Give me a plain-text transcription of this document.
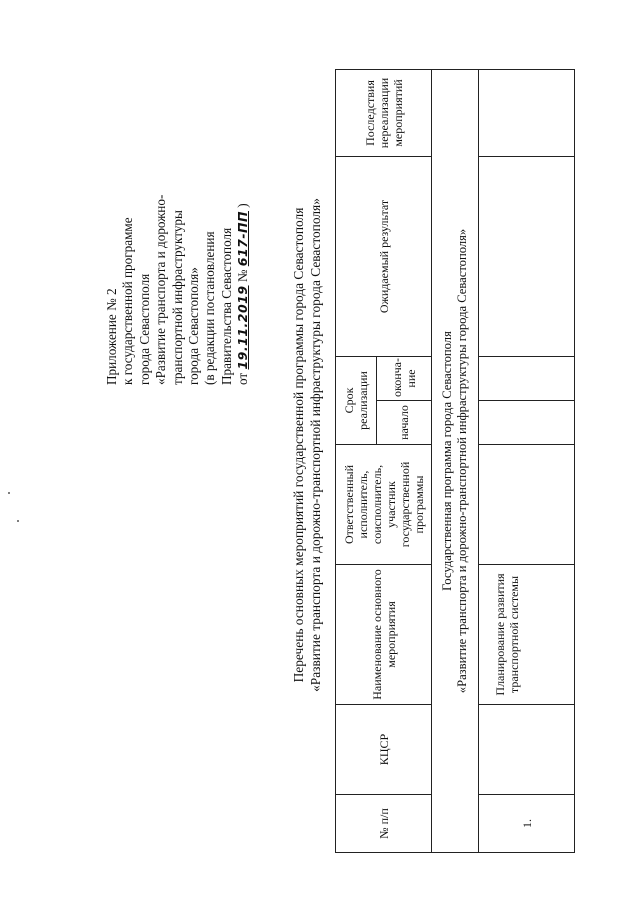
Приложение № 2 к государственной программе города Севастополя «Развитие транспорта и дорожно- транспортной инфраструктуры города Севастополя» (в редакции постановления Правительства Севастополя от 19.11.2019 № 617-ПП )
Перечень основных мероприятий государственной программы города Севастополя «Развитие транспорта и дорожно-транспортной инфраструктуры города Севастополя»
№ п/п	КЦСР	Наименование основного мероприятия	Ответственный исполнитель, соисполнитель, участник государственной программы	Срок реализации		Ожидаемый результат	Последствия нереализации мероприятий
				начало	оконча-ние		

Государственная программа города Севастополя «Развитие транспорта и дорожно-транспортной инфраструктуры города Севастополя»							

1.		Планирование развития транспортной системы					
